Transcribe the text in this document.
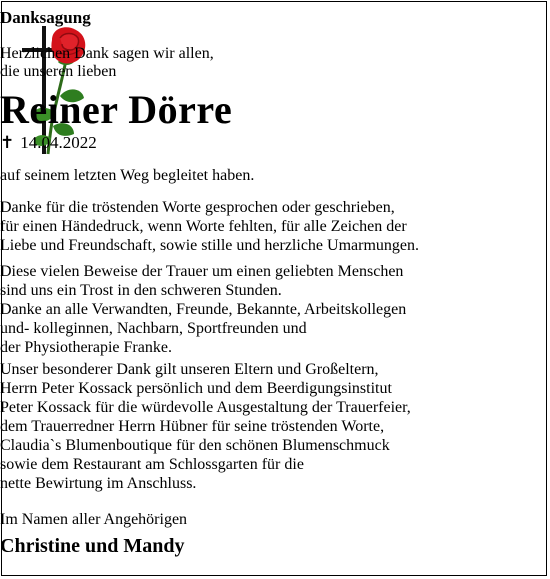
Danksagung
Herzlichen Dank sagen wir allen,
die unseren lieben
Reiner Dörre
✝ 14.04.2022
auf seinem letzten Weg begleitet haben.
Danke für die tröstenden Worte gesprochen oder geschrieben,
für einen Händedruck, wenn Worte fehlten, für alle Zeichen der
Liebe und Freundschaft, sowie stille und herzliche Umarmungen.
Diese vielen Beweise der Trauer um einen geliebten Menschen
sind uns ein Trost in den schweren Stunden.
Danke an alle Verwandten, Freunde, Bekannte, Arbeitskollegen
und- kolleginnen, Nachbarn, Sportfreunden und
der Physiotherapie Franke.
Unser besonderer Dank gilt unseren Eltern und Großeltern,
Herrn Peter Kossack persönlich und dem Beerdigungsinstitut
Peter Kossack für die würdevolle Ausgestaltung der Trauerfeier,
dem Trauerredner Herrn Hübner für seine tröstenden Worte,
Claudia`s Blumenboutique für den schönen Blumenschmuck
sowie dem Restaurant am Schlossgarten für die
nette Bewirtung im Anschluss.
Im Namen aller Angehörigen
Christine und Mandy
